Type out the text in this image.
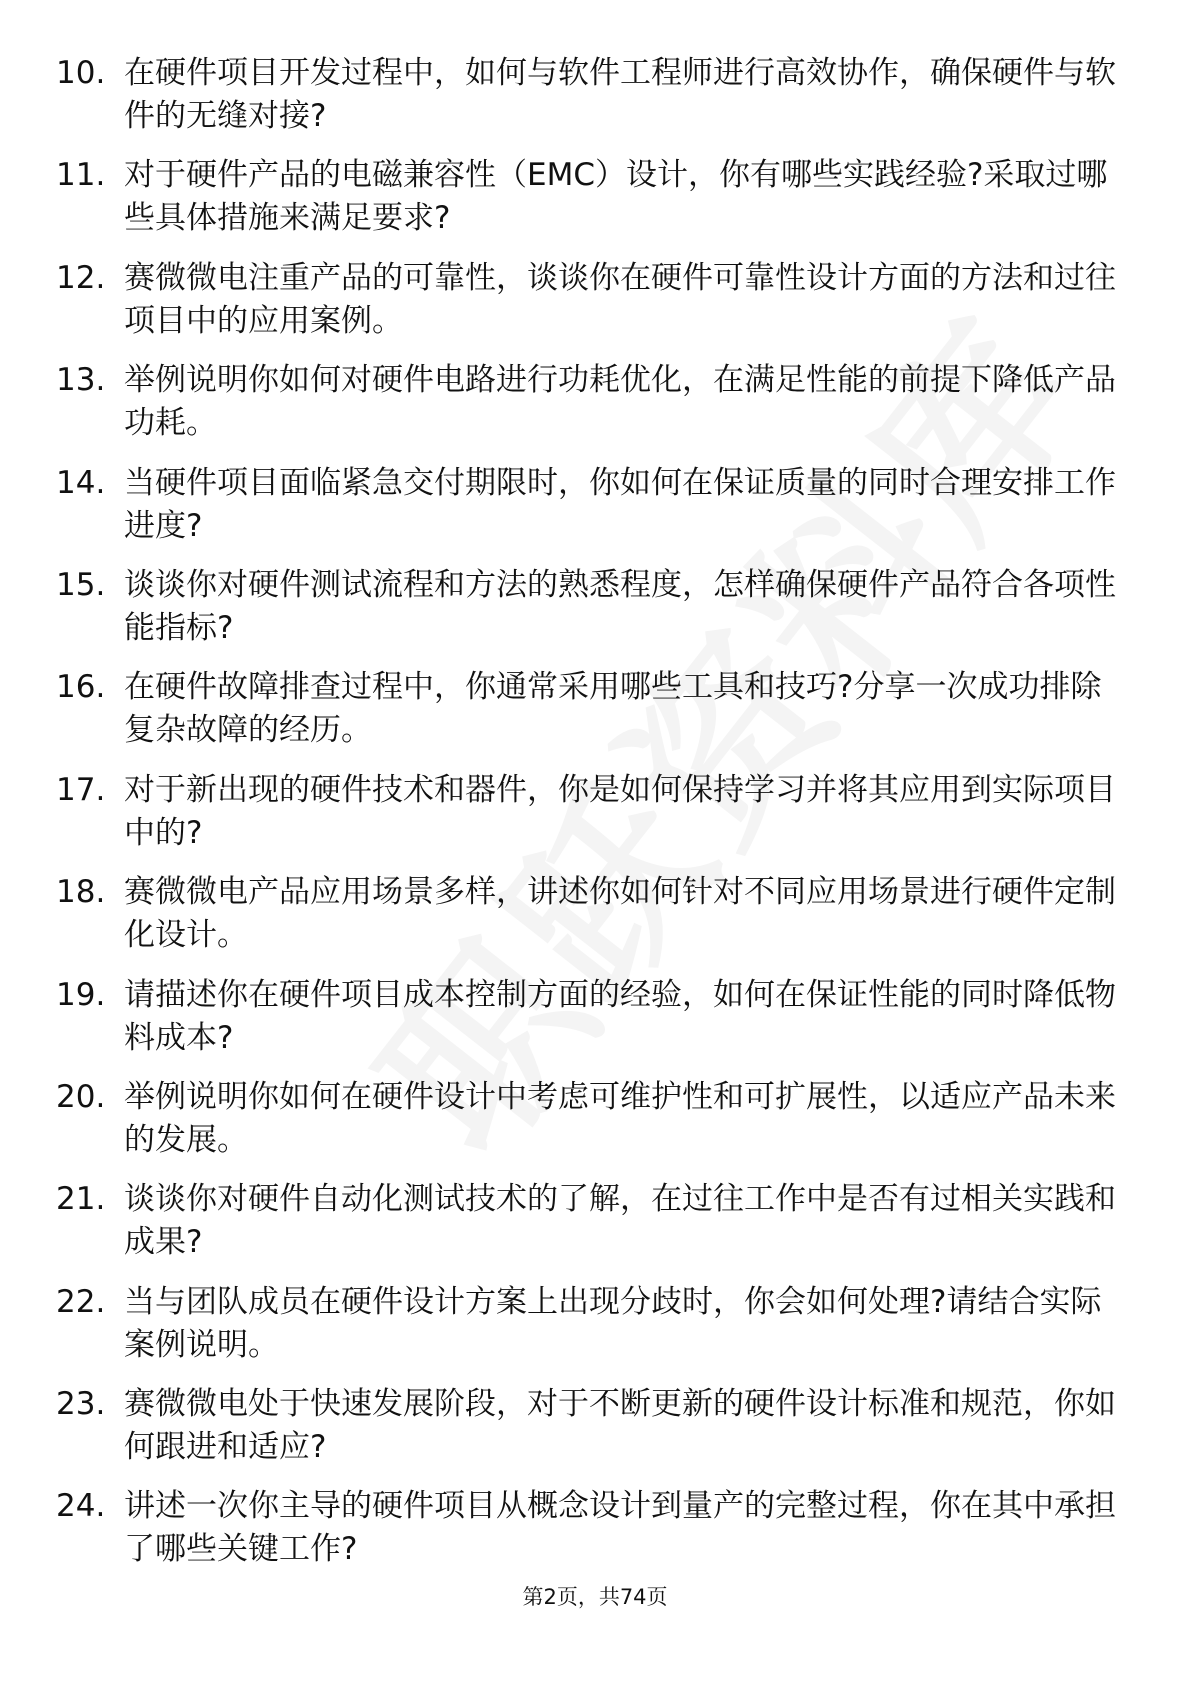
10. 在硬件项目开发过程中，如何与软件工程师进行高效协作，确保硬件与软件的无缝对接?
11. 对于硬件产品的电磁兼容性（EMC）设计，你有哪些实践经验?采取过哪些具体措施来满足要求?
12. 赛微微电注重产品的可靠性，谈谈你在硬件可靠性设计方面的方法和过往项目中的应用案例。
13. 举例说明你如何对硬件电路进行功耗优化，在满足性能的前提下降低产品功耗。
14. 当硬件项目面临紧急交付期限时，你如何在保证质量的同时合理安排工作进度?
15. 谈谈你对硬件测试流程和方法的熟悉程度，怎样确保硬件产品符合各项性能指标?
16. 在硬件故障排查过程中，你通常采用哪些工具和技巧?分享一次成功排除复杂故障的经历。
17. 对于新出现的硬件技术和器件，你是如何保持学习并将其应用到实际项目中的?
18. 赛微微电产品应用场景多样，讲述你如何针对不同应用场景进行硬件定制化设计。
19. 请描述你在硬件项目成本控制方面的经验，如何在保证性能的同时降低物料成本?
20. 举例说明你如何在硬件设计中考虑可维护性和可扩展性，以适应产品未来的发展。
21. 谈谈你对硬件自动化测试技术的了解，在过往工作中是否有过相关实践和成果?
22. 当与团队成员在硬件设计方案上出现分歧时，你会如何处理?请结合实际案例说明。
23. 赛微微电处于快速发展阶段，对于不断更新的硬件设计标准和规范，你如何跟进和适应?
24. 讲述一次你主导的硬件项目从概念设计到量产的完整过程，你在其中承担了哪些关键工作?
第2页，共74页
